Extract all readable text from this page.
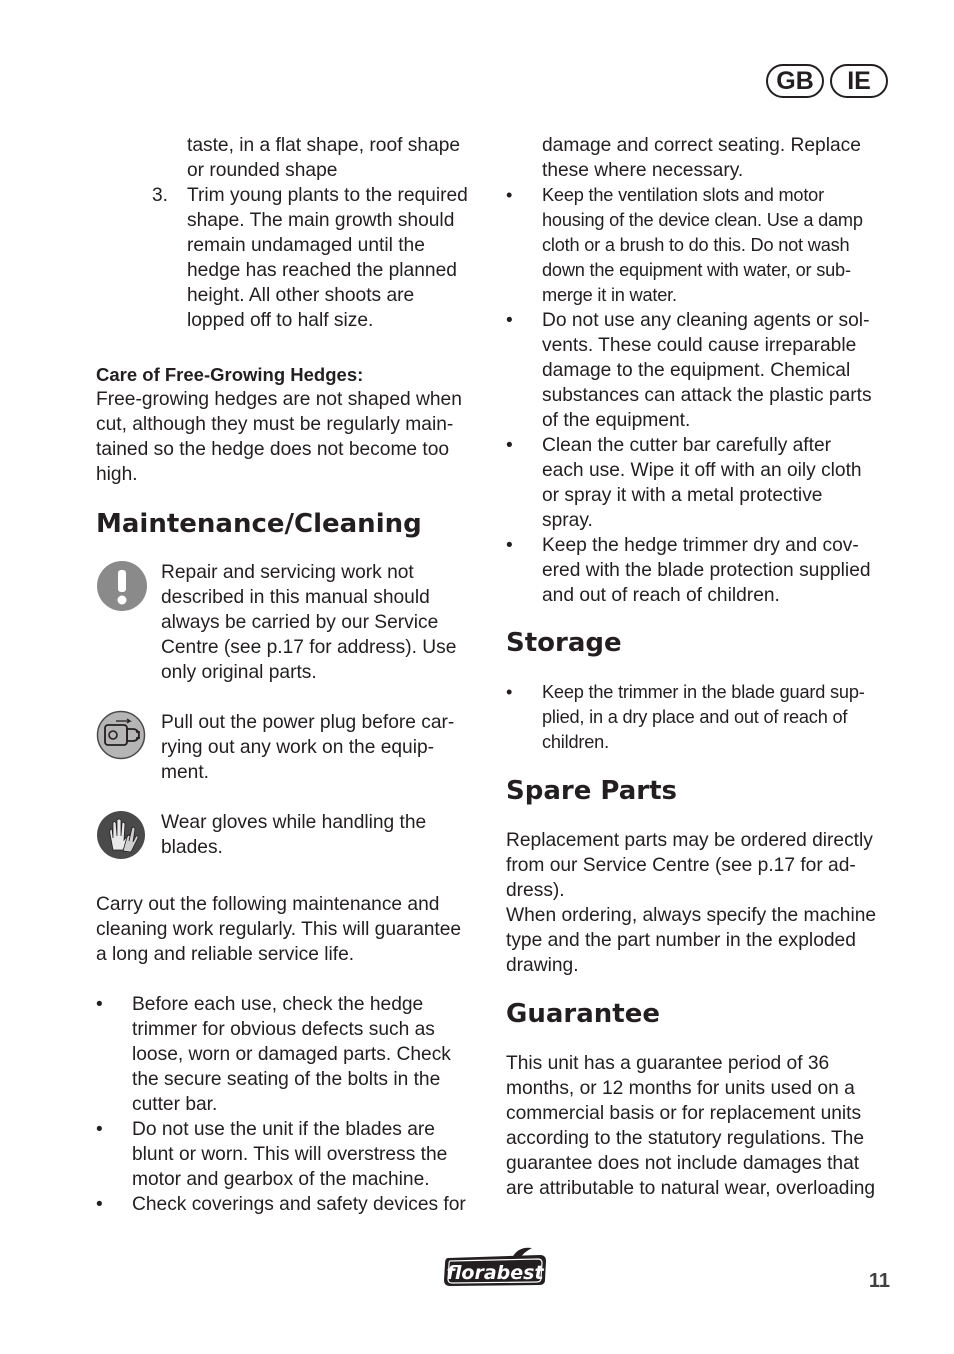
GB	IE

taste, in a flat shape, roof shape

or rounded shape

3. Trim young plants to the required

shape. The main growth should

remain undamaged until the

hedge has reached the planned

height. All other shoots are

lopped off to half size.

Care of Free-Growing Hedges:

Free-growing hedges are not shaped when

cut, although they must be regularly main-

tained so the hedge does not become too

high.

Maintenance/Cleaning

Repair and servicing work not

described in this manual should

always be carried by our Service

Centre (see p.17 for address). Use

only original parts.

Pull out the power plug before car-

rying out any work on the equip-

ment.

Wear gloves while handling the

blades.

Carry out the following maintenance and

cleaning work regularly. This will guarantee

a long and reliable service life.

•	Before each use, check the hedge

trimmer for obvious defects such as

loose, worn or damaged parts. Check

the secure seating of the bolts in the

cutter bar.

•	Do not use the unit if the blades are

blunt or worn. This will overstress the

motor and gearbox of the machine.

•	Check coverings and safety devices for

damage and correct seating. Replace

these where necessary.

•	Keep the ventilation slots and motor

housing of the device clean. Use a damp

cloth or a brush to do this. Do not wash

down the equipment with water, or sub-

merge it in water.

•	Do not use any cleaning agents or sol-

vents. These could cause irreparable

damage to the equipment. Chemical

substances can attack the plastic parts

of the equipment.

•	Clean the cutter bar carefully after

each use. Wipe it off with an oily cloth

or spray it with a metal protective

spray.

•	Keep the hedge trimmer dry and cov-

ered with the blade protection supplied

and out of reach of children.

Storage
•	Keep the trimmer in the blade guard sup-

plied, in a dry place and out of reach of

children.

Spare Parts

Replacement parts may be ordered directly

from our Service Centre (see p.17 for ad-

dress).

When ordering, always specify the machine

type and the part number in the exploded

drawing.

Guarantee

This unit has a guarantee period of 36

months, or 12 months for units used on a

commercial basis or for replacement units

according to the statutory regulations. The

guarantee does not include damages that

are attributable to natural wear, overloading

florabest	11
